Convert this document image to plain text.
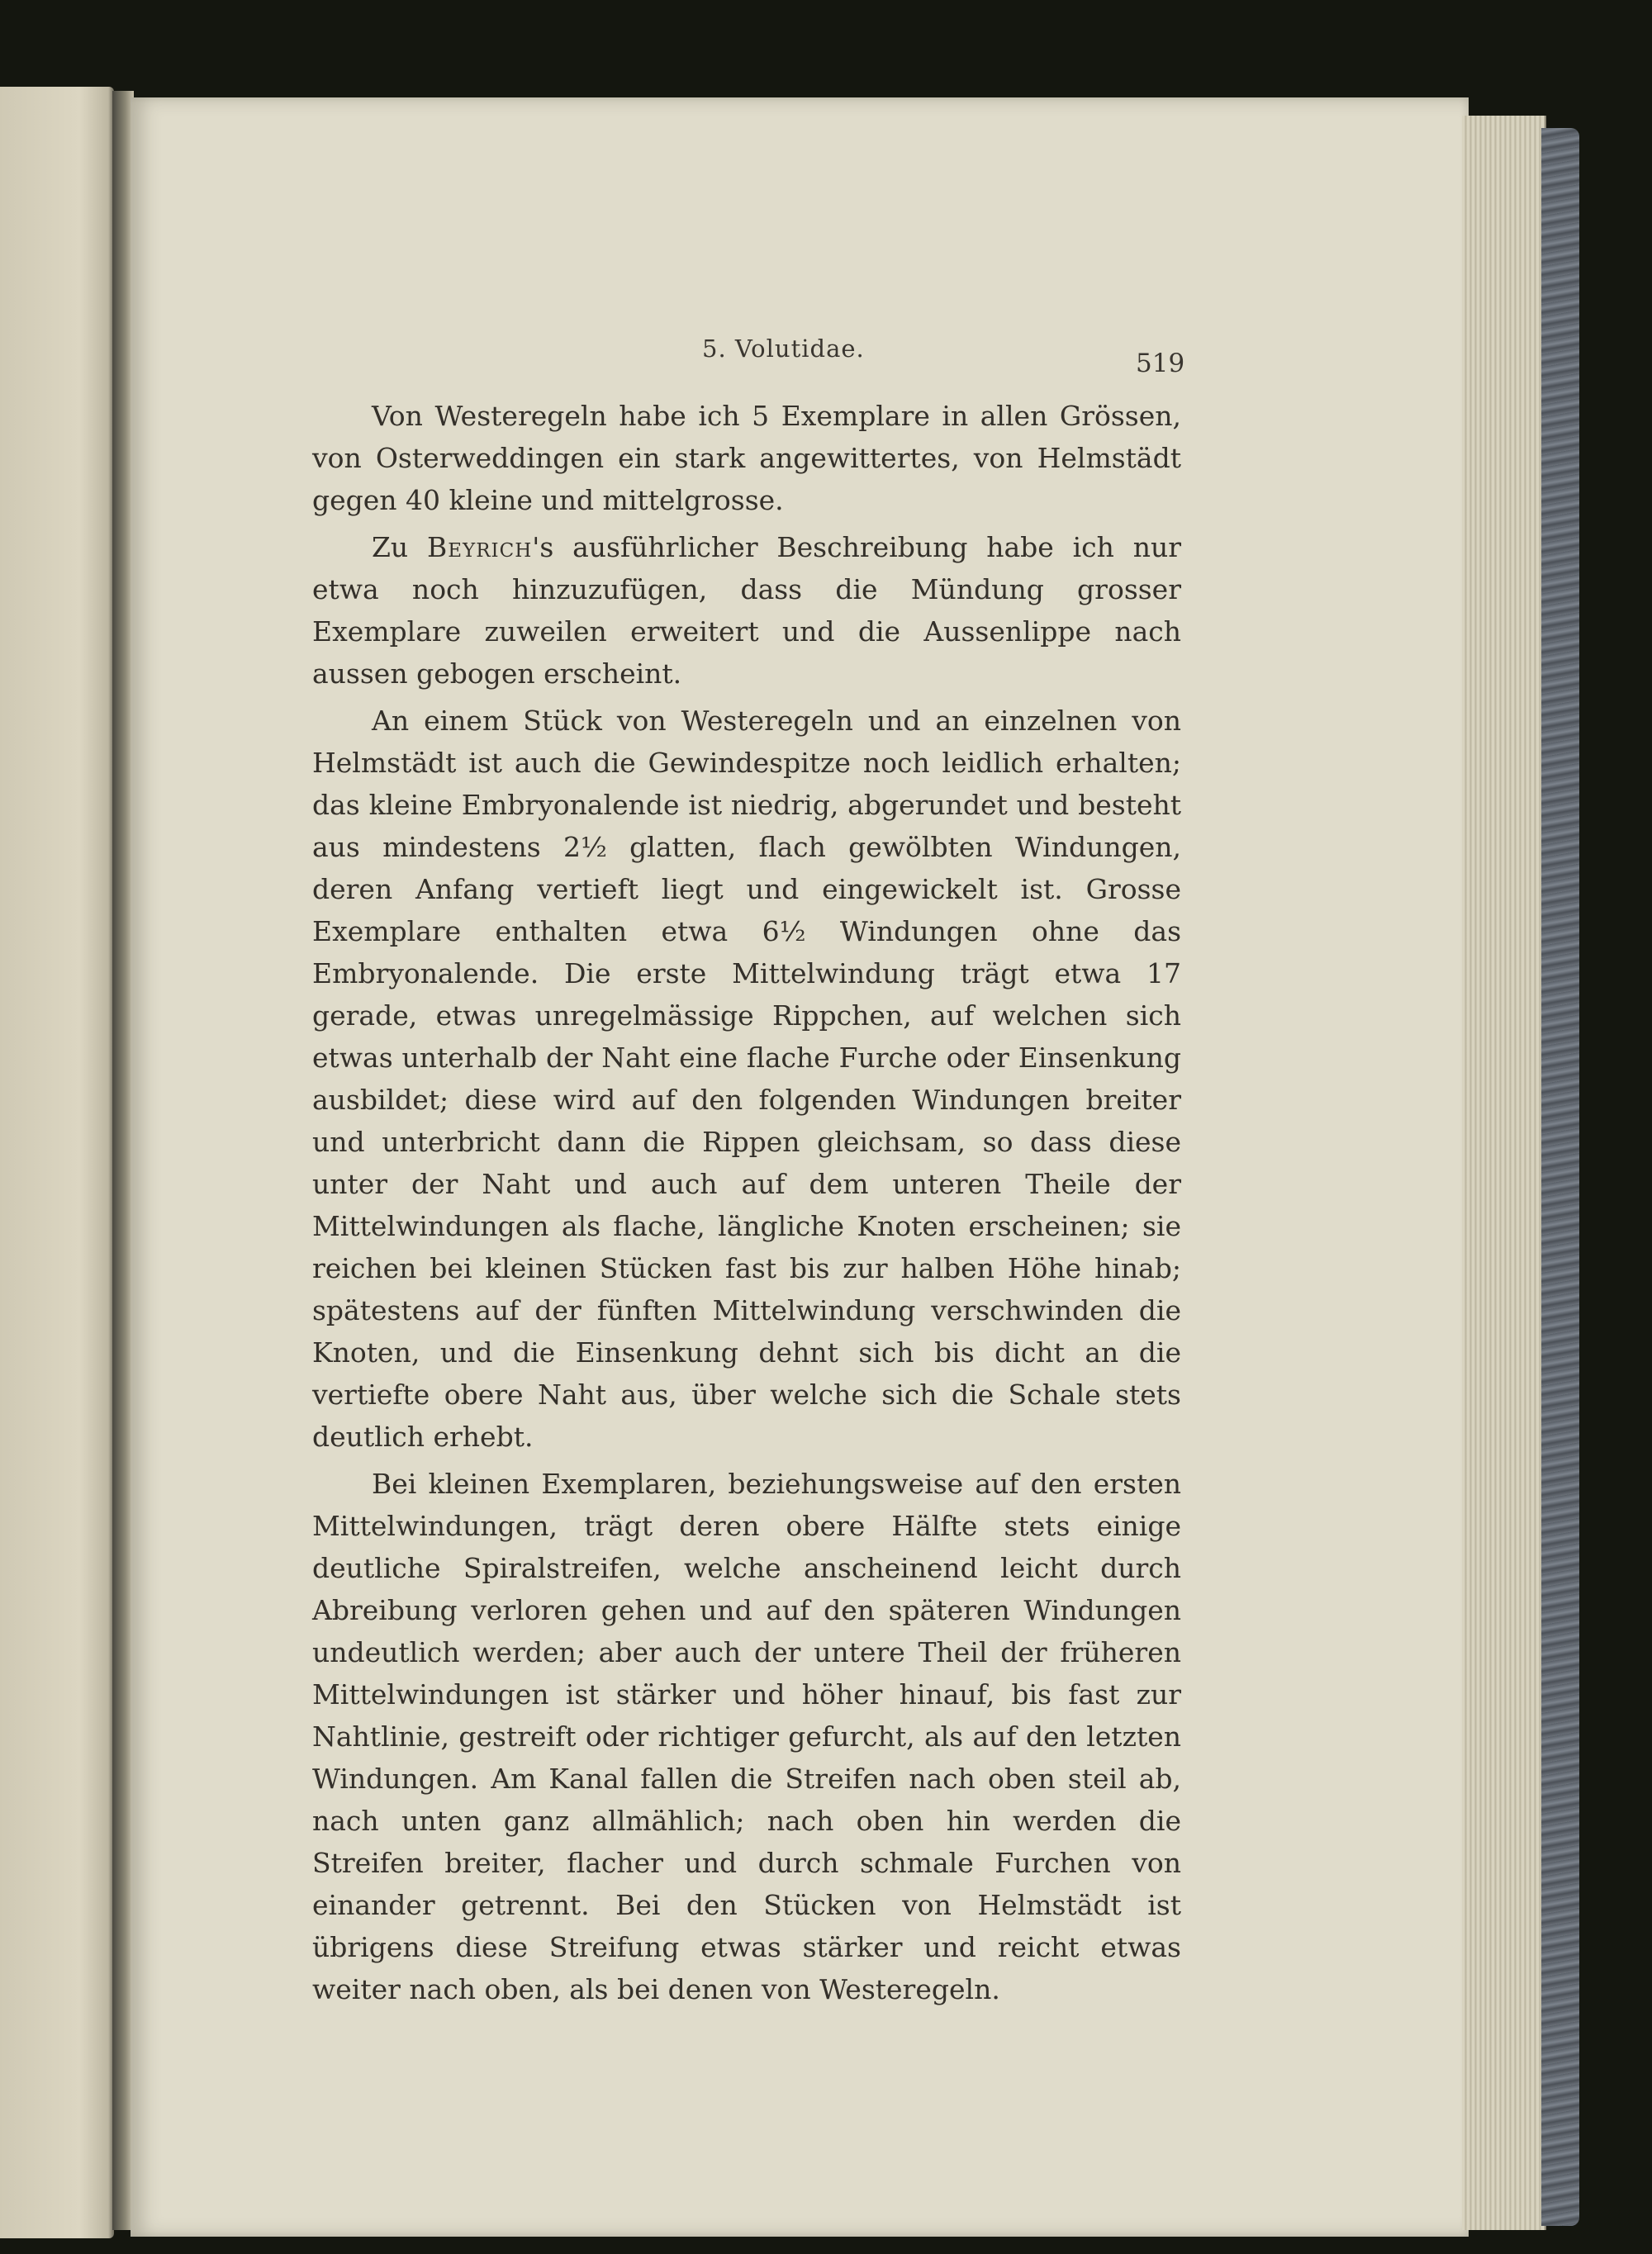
5. Volutidae.	519

Von Westeregeln habe ich 5 Exemplare in allen Grössen, von Osterweddingen ein stark angewittertes, von Helmstädt gegen 40 kleine und mittelgrosse.

Zu Beyrich's ausführlicher Beschreibung habe ich nur etwa noch hinzuzufügen, dass die Mündung grosser Exemplare zuweilen erweitert und die Aussenlippe nach aussen gebogen erscheint.

An einem Stück von Westeregeln und an einzelnen von Helmstädt ist auch die Gewindespitze noch leidlich erhalten; das kleine Embryonalende ist niedrig, abgerundet und besteht aus mindestens 2½ glatten, flach gewölbten Windungen, deren Anfang vertieft liegt und eingewickelt ist. Grosse Exemplare enthalten etwa 6½ Windungen ohne das Embryonalende. Die erste Mittelwindung trägt etwa 17 gerade, etwas unregelmässige Rippchen, auf welchen sich etwas unterhalb der Naht eine flache Furche oder Einsenkung ausbildet; diese wird auf den folgenden Windungen breiter und unterbricht dann die Rippen gleichsam, so dass diese unter der Naht und auch auf dem unteren Theile der Mittelwindungen als flache, längliche Knoten erscheinen; sie reichen bei kleinen Stücken fast bis zur halben Höhe hinab; spätestens auf der fünften Mittelwindung verschwinden die Knoten, und die Einsenkung dehnt sich bis dicht an die vertiefte obere Naht aus, über welche sich die Schale stets deutlich erhebt.

Bei kleinen Exemplaren, beziehungsweise auf den ersten Mittelwindungen, trägt deren obere Hälfte stets einige deutliche Spiralstreifen, welche anscheinend leicht durch Abreibung verloren gehen und auf den späteren Windungen undeutlich werden; aber auch der untere Theil der früheren Mittelwindungen ist stärker und höher hinauf, bis fast zur Nahtlinie, gestreift oder richtiger gefurcht, als auf den letzten Windungen. Am Kanal fallen die Streifen nach oben steil ab, nach unten ganz allmählich; nach oben hin werden die Streifen breiter, flacher und durch schmale Furchen von einander getrennt. Bei den Stücken von Helmstädt ist übrigens diese Streifung etwas stärker und reicht etwas weiter nach oben, als bei denen von Westeregeln.
